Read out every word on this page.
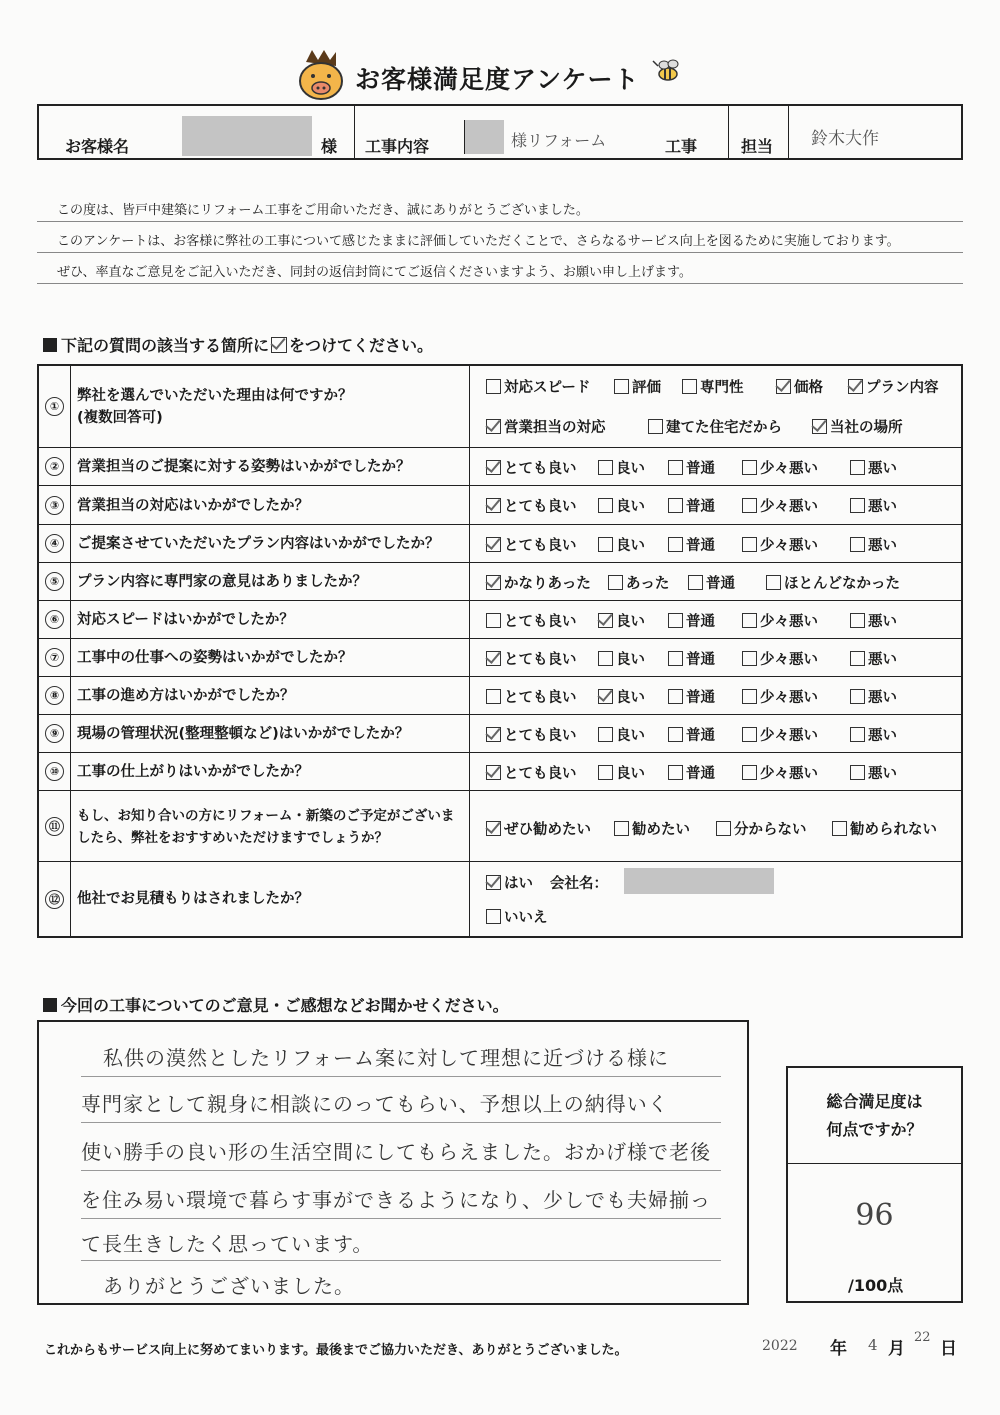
お客様満足度アンケート
お客様名	様 工事内容	様リフォーム	工事	担当 鈴木大作
この度は、皆戸中建築にリフォーム工事をご用命いただき、誠にありがとうございました。
このアンケートは、お客様に弊社の工事について感じたままに評価していただくことで、さらなるサービス向上を図るために実施しております。
ぜひ、率直なご意見をご記入いただき、同封の返信封筒にてご返信くださいますよう、お願い申し上げます。
下記の質問の該当する箇所に をつけてください。
①
弊社を選んでいただいた理由は何ですか？
(複数回答可)
対応スピード	評価	専門性	価格	プラン内容
営業担当の対応	建てた住宅だから	当社の場所
②	営業担当のご提案に対する姿勢はいかがでしたか？	とても良い	良い	普通	少々悪い	悪い
③	営業担当の対応はいかがでしたか？	とても良い	良い	普通	少々悪い	悪い
④	ご提案させていただいたプラン内容はいかがでしたか？	とても良い	良い	普通	少々悪い	悪い
⑤	プラン内容に専門家の意見はありましたか？	かなりあった	あった	普通	ほとんどなかった
⑥	対応スピードはいかがでしたか？	とても良い	良い	普通	少々悪い	悪い
⑦	工事中の仕事への姿勢はいかがでしたか？	とても良い	良い	普通	少々悪い	悪い
⑧	工事の進め方はいかがでしたか？	とても良い	良い	普通	少々悪い	悪い
⑨	現場の管理状況(整理整頓など)はいかがでしたか？	とても良い	良い	普通	少々悪い	悪い
⑩	工事の仕上がりはいかがでしたか？	とても良い	良い	普通	少々悪い	悪い
⑪
もし、お知り合いの方にリフォーム・新築のご予定がございま
したら、弊社をおすすめいただけますでしょうか？	ぜひ勧めたい	勧めたい	分からない	勧められない
⑫ 他社でお見積もりはされましたか？
はい
いいえ
会社名：
今回の工事についてのご意見・ご感想などお聞かせください。
私供の漠然としたリフォーム案に対して理想に近づける様に
専門家として親身に相談にのってもらい、予想以上の納得いく
使い勝手の良い形の生活空間にしてもらえました。おかげ様で老後
を住み易い環境で暮らす事ができるようになり、少しでも夫婦揃っ
て長生きしたく思っています。
ありがとうございました。
総合満足度は
何点ですか？
96
/100点
これからもサービス向上に努めてまいります。最後までご協力いただき、ありがとうございました。	2022 年 4 月
22
日
